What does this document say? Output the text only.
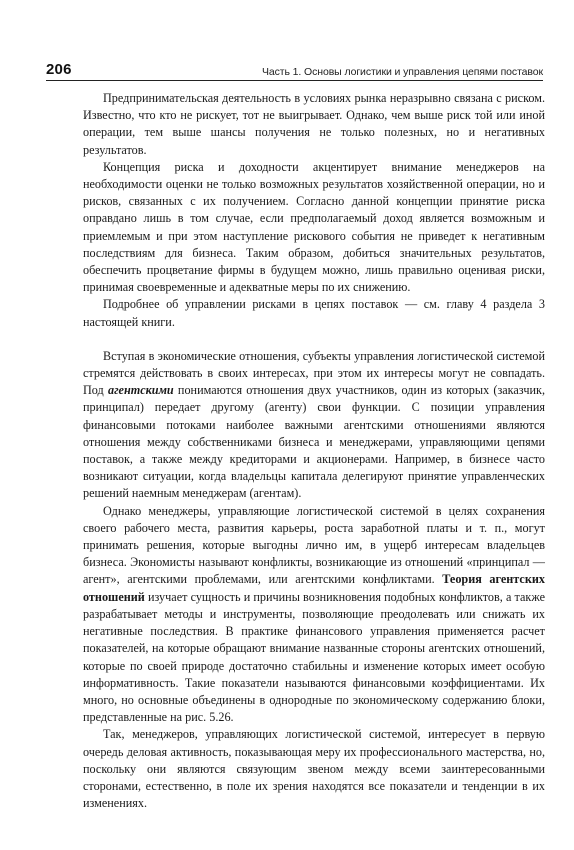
206	Часть 1. Основы логистики и управления цепями поставок

Предпринимательская деятельность в условиях рынка неразрывно связана с риском. Известно, что кто не рискует, тот не выигрывает. Однако, чем выше риск той или иной операции, тем выше шансы получения не только полезных, но и негативных результатов.

Концепция риска и доходности акцентирует внимание менеджеров на необходимости оценки не только возможных результатов хозяйственной операции, но и рисков, связанных с их получением. Согласно данной концепции принятие риска оправдано лишь в том случае, если предполагаемый доход является возможным и приемлемым и при этом наступление рискового события не приведет к негативным последствиям для бизнеса. Таким образом, добиться значительных результатов, обеспечить процветание фирмы в будущем можно, лишь правильно оценивая риски, принимая своевременные и адекватные меры по их снижению.

Подробнее об управлении рисками в цепях поставок — см. главу 4 раздела 3 настоящей книги.

Вступая в экономические отношения, субъекты управления логистической системой стремятся действовать в своих интересах, при этом их интересы могут не совпадать. Под агентскими понимаются отношения двух участников, один из которых (заказчик, принципал) передает другому (агенту) свои функции. С позиции управления финансовыми потоками наиболее важными агентскими отношениями являются отношения между собственниками бизнеса и менеджерами, управляющими цепями поставок, а также между кредиторами и акционерами. Например, в бизнесе часто возникают ситуации, когда владельцы капитала делегируют принятие управленческих решений наемным менеджерам (агентам).

Однако менеджеры, управляющие логистической системой в целях сохранения своего рабочего места, развития карьеры, роста заработной платы и т. п., могут принимать решения, которые выгодны лично им, в ущерб интересам владельцев бизнеса. Экономисты называют конфликты, возникающие из отношений «принципал — агент», агентскими проблемами, или агентскими конфликтами. Теория агентских отношений изучает сущность и причины возникновения подобных конфликтов, а также разрабатывает методы и инструменты, позволяющие преодолевать или снижать их негативные последствия. В практике финансового управления применяется расчет показателей, на которые обращают внимание названные стороны агентских отношений, которые по своей природе достаточно стабильны и изменение которых имеет особую информативность. Такие показатели называются финансовыми коэффициентами. Их много, но основные объединены в однородные по экономическому содержанию блоки, представленные на рис. 5.26.

Так, менеджеров, управляющих логистической системой, интересует в первую очередь деловая активность, показывающая меру их профессионального мастерства, но, поскольку они являются связующим звеном между всеми заинтересованными сторонами, естественно, в поле их зрения находятся все показатели и тенденции в их изменениях.
